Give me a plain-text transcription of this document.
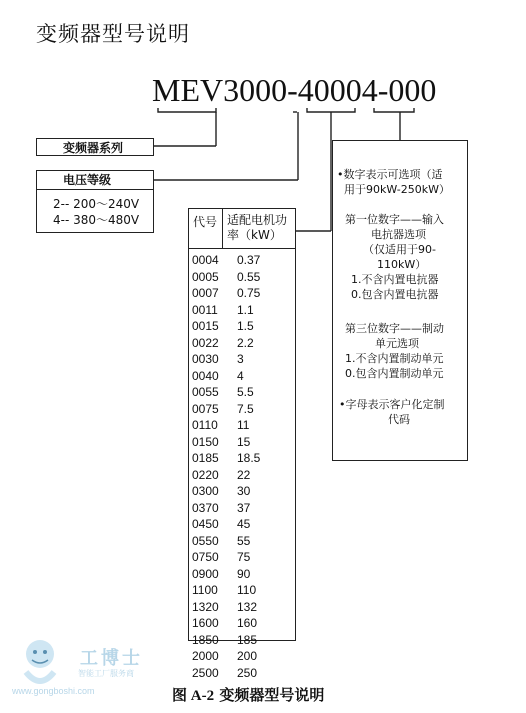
变频器型号说明
MEV3000-40004-000
变频器系列
电压等级
2-- 200～240V
4-- 380～480V	代号 适配电机功率（kW）
0004 0.37
0005 0.55
0007 0.75
0011 1.1
0015 1.5
0022 2.2
0030 3
0040 4
0055 5.5
0075 7.5
0110 11
0150 15
0185 18.5
0220 22
0300 30
0370 37
0450 45
0550 55
0750 75
0900 90
1100 110
1320 132
1600 160
1850 185
2000 200
2500 250
•数字表示可选项（适
用于90kW-250kW）
第一位数字——输入
电抗器选项
（仅适用于90-
110kW）
1.不含内置电抗器
0.包含内置电抗器
第三位数字——制动
单元选项
1.不含内置制动单元
0.包含内置制动单元
•字母表示客户化定制
代码
工博士
智能工厂服务商
www.gongboshi.com	图 A-2 变频器型号说明
